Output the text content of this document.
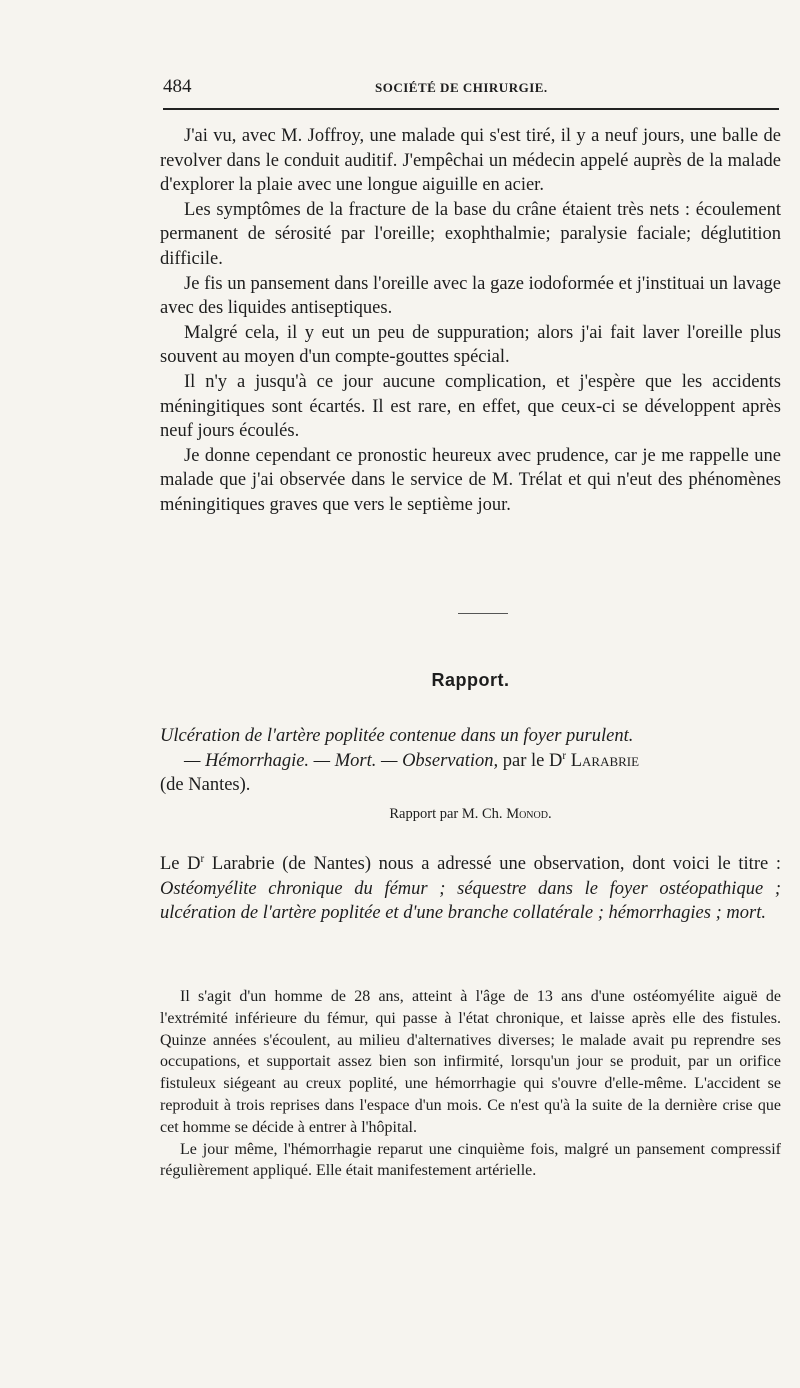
484	SOCIÉTÉ DE CHIRURGIE.

J'ai vu, avec M. Joffroy, une malade qui s'est tiré, il y a neuf jours, une balle de revolver dans le conduit auditif. J'empêchai un médecin appelé auprès de la malade d'explorer la plaie avec une longue aiguille en acier.

Les symptômes de la fracture de la base du crâne étaient très nets : écoulement permanent de sérosité par l'oreille; exophthalmie; paralysie faciale; déglutition difficile.

Je fis un pansement dans l'oreille avec la gaze iodoformée et j'instituai un lavage avec des liquides antiseptiques.

Malgré cela, il y eut un peu de suppuration; alors j'ai fait laver l'oreille plus souvent au moyen d'un compte-gouttes spécial.

Il n'y a jusqu'à ce jour aucune complication, et j'espère que les accidents méningitiques sont écartés. Il est rare, en effet, que ceux-ci se développent après neuf jours écoulés.

Je donne cependant ce pronostic heureux avec prudence, car je me rappelle une malade que j'ai observée dans le service de M. Trélat et qui n'eut des phénomènes méningitiques graves que vers le septième jour.

Rapport.

Ulcération de l'artère poplitée contenue dans un foyer purulent.

— Hémorrhagie. — Mort. — Observation, par le $D^r$ Larabrie

(de Nantes).

Rapport par M. Ch. Monod.

Le $D^r$ Larabrie (de Nantes) nous a adressé une observation, dont voici le titre : Ostéomyélite chronique du fémur ; séquestre dans le foyer ostéopathique ; ulcération de l'artère poplitée et d'une branche collatérale ; hémorrhagies ; mort.

Il s'agit d'un homme de 28 ans, atteint à l'âge de 13 ans d'une ostéomyélite aiguë de l'extrémité inférieure du fémur, qui passe à l'état chronique, et laisse après elle des fistules. Quinze années s'écoulent, au milieu d'alternatives diverses; le malade avait pu reprendre ses occupations, et supportait assez bien son infirmité, lorsqu'un jour se produit, par un orifice fistuleux siégeant au creux poplité, une hémorrhagie qui s'ouvre d'elle-même. L'accident se reproduit à trois reprises dans l'espace d'un mois. Ce n'est qu'à la suite de la dernière crise que cet homme se décide à entrer à l'hôpital.

Le jour même, l'hémorrhagie reparut une cinquième fois, malgré un pansement compressif régulièrement appliqué. Elle était manifestement artérielle.
